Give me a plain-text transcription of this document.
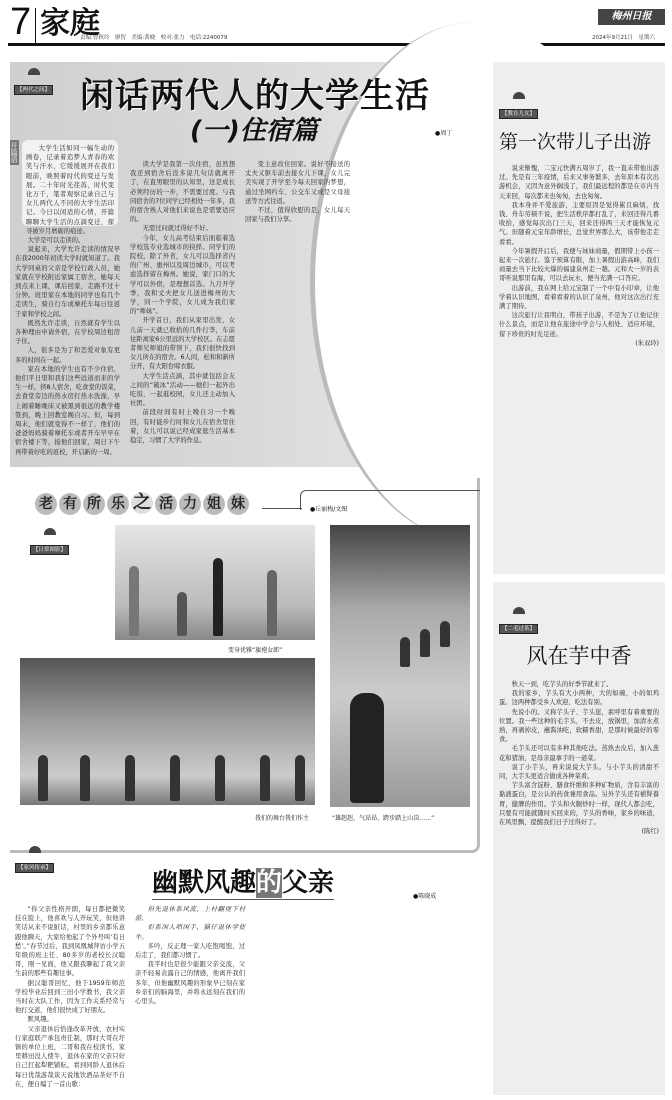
7 家庭
责编:曾秋玲　廖智　美编:黄峣　校对:张力　电话:2240079
梅州日报
2024年9月21日　星期六
【两代之间】 闲话两代人的大学生活
(一)住宿篇	●周丁
开篇语	大学生活如同一幅生动的画卷，记录着追梦人青春的欢笑与汗水，它缓缓展开在我们眼前，映照着时代的变迁与发展。二十年时光荏苒，时代变化万千，笔者观察记录自己与女儿两代人不同的大学生活印记。今日以闲适的心情，开篇聊聊大学生活的点滴变迁，探寻被岁月磨砺的痕迹。

大学是可以走读的。

说起来，大学允许走读的情况早在我2000年初读大学时就知道了。我大学同桌的父亲是学校行政人员，她家就在学校附近家属工宿舍，她每天到点来上课，课后回家，走路不过十分钟。班里家在本地的同学也有几个走读生，骑自行车或摩托车每日往返于家和学校之间。

既然允许走读，自然就有学生以各种理由申请外宿，在学校周边租房子住。

人，很多是为了和恋爱对象有更多的时间在一起。

家在本地的学生也有不少住宿，他们平日里和我们这些远道而来的学生一样，挤8人宿舍，吃食堂的饭菜，去食堂旁边的热水房打热水洗澡，早上闹着睡晚床又被黑到很远的教学楼签到，晚上回教室晚自习。但，每到周末，他们就变得不一样了，他们的爸爸妈妈骑着摩托车或者开车早早在宿舍楼下等，接他们回家，周日下午再带着好吃的返校，开启新的一周。

读大学是我第一次住宿，虽然想我还到宿舍后没多说几句话就离开了，在直男眼里的认知里，这是成长必须经历的一步，不需要过度。与我同宿舍的7位同学已经相处一年多，我的宿舍熟人对他们来说也是需要适应的。

无需过问就过得好不好。

今年，女儿高考结束后面临着选学校选专业选城市的抉择。同学们的院校，除了外省，女儿可以选择省内的广州、惠州以及周边城市，可以考虑选择留在梅州。她说，家门口的大学可以外宿，是理想首选。九月开学季，我和丈夫把女儿送进梅州的大学，同一个学院，女儿成为我们家的“师妹”。

开学首日，我们从家里出发，女儿前一天就已收拾的几件行李，车前往距离家6公里远的大学校区。在志愿者师兄师姐的带领下，我们很快找到女儿所在的宿舍。6人间，松和和新所分开，有大阳台晾衣服。

大学生活点滴，其中就包括会友之间的“破冰”活动——她们一起外出吃饭、一起逛校园，女儿还主动加入社团。

前段时间有时上晚自习一个晚回，有时能步行时和女儿在宿舍里住着，女儿可以说已经成家庭生活基本稳定，习惯了大学的作息。

变主意改住回家。说好不接送的丈夫又驱车前去接女儿下课，女儿完美实现了开学至今每天回家的梦想，通过坐网约车、公交车又或是父母接送等方式往返。

不过，值得欣慰的是，女儿每天回家与我们分享。

【教育儿女】
第一次带儿子出游

说来惭愧，二宝元快满五周岁了，我一直未带他出游过。先是有三年疫情，后来又事务繁多，去年原本有次出游机会，又因为意外搁浅了，我们最远程的都是在市内当天来回，每次都来也匆匆，去也匆匆。

我本身并不爱旅游，主要原因是觉得累且麻烦，找钱、舟车劳顿不说，把生活秩序都打乱了，来回还得几番收拾，感觉每次出门三天，回来还得两三天才能恢复元气。但随着元宝年龄增长，总觉世界那么大，该带他走走看看。

今年暑假开启后，我便与妹妹商量，假期带上小孩一起来一次旅行。鉴于预算有限，加上暑假出游高峰，我们商量去当下比较火爆的福建泉州走一趟。元和大一岁的表哥听说那里有海，可以去玩水，便当充满一口答应。

出游前，我在网上给元宝制了一个中有小印章，让他学着认识地图，看着看着的认识了泉州，他对这次出行充满了期待。

这次旅行让我明白，带孩子出游，不是为了让他记住什么景点，而是让他在旅途中学会与人相处、适应环境，留下珍贵的时光足迹。

(朱双玲)

【二毛过茶】
风在芋中香

秋天一到，吃芋头的好季节就来了。

我的家乡，芋头有大小两种，大的如碗，小的如鸡蛋。这两种都受乡人欢迎，吃法有别。

先说小的。又称芋头子、芋头崽，素呼里有着重要的位置。我一些这种的毛芋头，不去皮，放锅里，加清水煮熟，再剥掉皮，蘸酱油吃，软糯香甜，是那时候最好的零食。

毛芋头还可以有多种其他吃法。蒸熟去皮后，加入葱花和猪油，是母亲最拿手的一道菜。

说了小芋头，再来说说大芋头。与小芋头的清甜不同，大芋头更适合做成各种菜肴。

芋头富含淀粉、膳食纤维和多种矿物质，含有丰富的黏液蛋白，是公认的药食兼用食品。另外芋头还有補腎養胃，健脾的作用。芋头和火腿炒时一样，现代人都会吃，只要有可能就随时买回来的，芋头的香味，家乡的味道，在风里飘，提醒我们日子过得好了。

(陈红)

老 有 所 乐 之 活 力 姐 妹	●丘丽梅/文图
【日常图影】
变身优雅“旗袍女郎”
我们的舞台我们作主	“雄赳赳，气昂昂，跨步踏上山岗……”
【家风传承】	幽默风趣的父亲	●陈晓成

“你父亲性格开朗，每日都把微笑挂在脸上，他喜欢与人开玩笑，但他讲笑话从来不说脏话，村里的乡亲都乐意跟他聊天，大家给他起了个外号叫‘有日愁’。”春节过后，我到凤凰城拜访小学五年级的班主任、80多岁的老校长汉聪哥，刚一见面，他又跟我聊起了我父亲生前的那些有趣往事。

据汉聪哥回忆，他于1959年师范学校毕业后回到三田小学教书，我父亲当时在大队工作，因为工作关系经常与他打交道，他们很快成了好朋友。

默风趣。

父亲退休后恰逢改革开放，农村实行家庭联产承包责任制，那时大哥在圩镇的单位上班，二哥和我在校读书，家里耕田没人使牛，退休在家的父亲只好自己扛起犁耙铺耘。看到同龄人退休后每日优哉游哉谈天说地饮酒品茶好不自在，便自编了一首山歌：

但先退休系风流，上村翻埂下村游，

佢系闲人唔闲手，猫仔退休学使牛。

多吟，反正理一家人吃饱喝饱，过后走了，我们都习惯了。

我平时也是很少能跟父亲交流，父亲不轻易表露自己的情感，他离开我们多年，但他幽默风趣的形象早已刻在家乡亲们的脑海里，并将永远刻在我们的心里头。
